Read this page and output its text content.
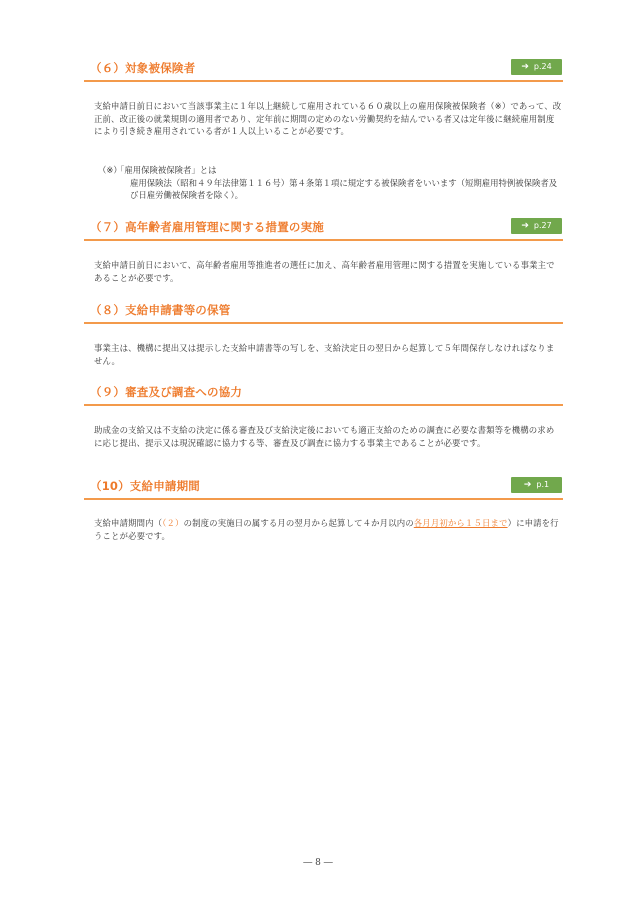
（６）対象被保険者	➔ p.24
支給申請日前日において当該事業主に１年以上継続して雇用されている６０歳以上の雇用保険被保険者（※）であって、改正前、改正後の就業規則の適用者であり、定年前に期間の定めのない労働契約を結んでいる者又は定年後に継続雇用制度により引き続き雇用されている者が１人以上いることが必要です。
（※）
「雇用保険被保険者」とは
雇用保険法（昭和４９年法律第１１６号）第４条第１項に規定する被保険者をいいます（短期雇用特例被保険者及び日雇労働被保険者を除く）。
（７）高年齢者雇用管理に関する措置の実施	➔ p.27
支給申請日前日において、高年齢者雇用等推進者の選任に加え、高年齢者雇用管理に関する措置を実施している事業主であることが必要です。
（８）支給申請書等の保管
事業主は、機構に提出又は提示した支給申請書等の写しを、支給決定日の翌日から起算して５年間保存しなければなりません。
（９）審査及び調査への協力
助成金の支給又は不支給の決定に係る審査及び支給決定後においても適正支給のための調査に必要な書類等を機構の求めに応じ提出、提示又は現況確認に協力する等、審査及び調査に協力する事業主であることが必要です。
（10）支給申請期間	➔ p.1
支給申請期間内（（２）の制度の実施日の属する月の翌月から起算して４か月以内の各月月初から１５日まで）に申請を行うことが必要です。
― 8 ―
